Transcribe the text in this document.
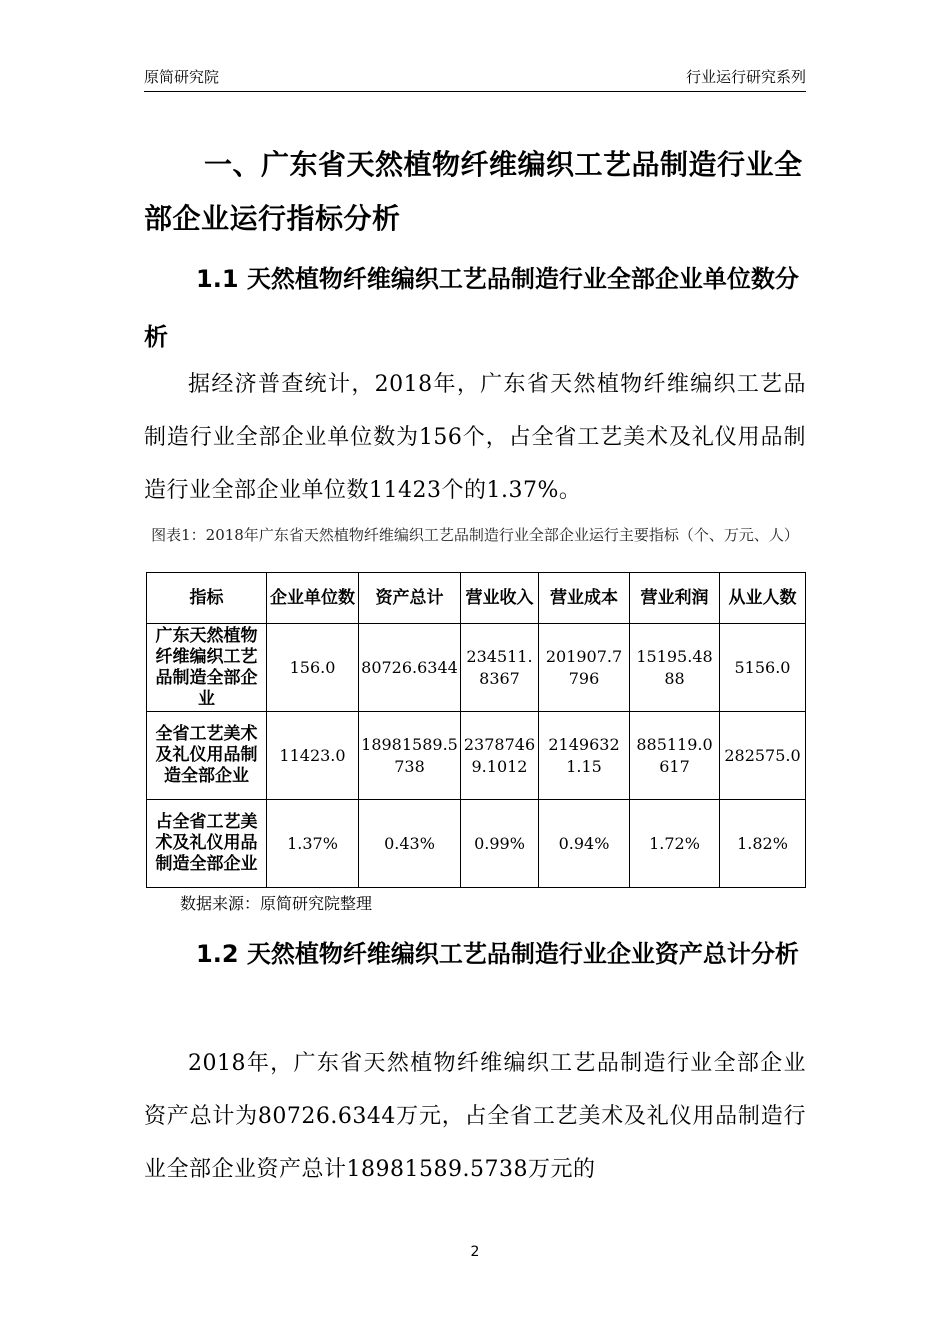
原简研究院	行业运行研究系列
一、广东省天然植物纤维编织工艺品制造行业全部企业运行指标分析
1.1 天然植物纤维编织工艺品制造行业全部企业单位数分析
据经济普查统计，2018年，广东省天然植物纤维编织工艺品制造行业全部企业单位数为156个，占全省工艺美术及礼仪用品制造行业全部企业单位数11423个的1.37%。
图表1：2018年广东省天然植物纤维编织工艺品制造行业全部企业运行主要指标（个、万元、人）
指标	企业单位数	资产总计	营业收入	营业成本	营业利润	从业人数
广东天然植物纤维编织工艺品制造全部企业	156.0	80726.6344	234511.8367	201907.7796	15195.4888	5156.0
全省工艺美术及礼仪用品制造全部企业	11423.0	18981589.5738	23787469.1012	21496321.15	885119.0617	282575.0
占全省工艺美术及礼仪用品制造全部企业	1.37%	0.43%	0.99%	0.94%	1.72%	1.82%
数据来源：原简研究院整理
1.2 天然植物纤维编织工艺品制造行业企业资产总计分析
2018年，广东省天然植物纤维编织工艺品制造行业全部企业资产总计为80726.6344万元，占全省工艺美术及礼仪用品制造行业全部企业资产总计18981589.5738万元的
2
